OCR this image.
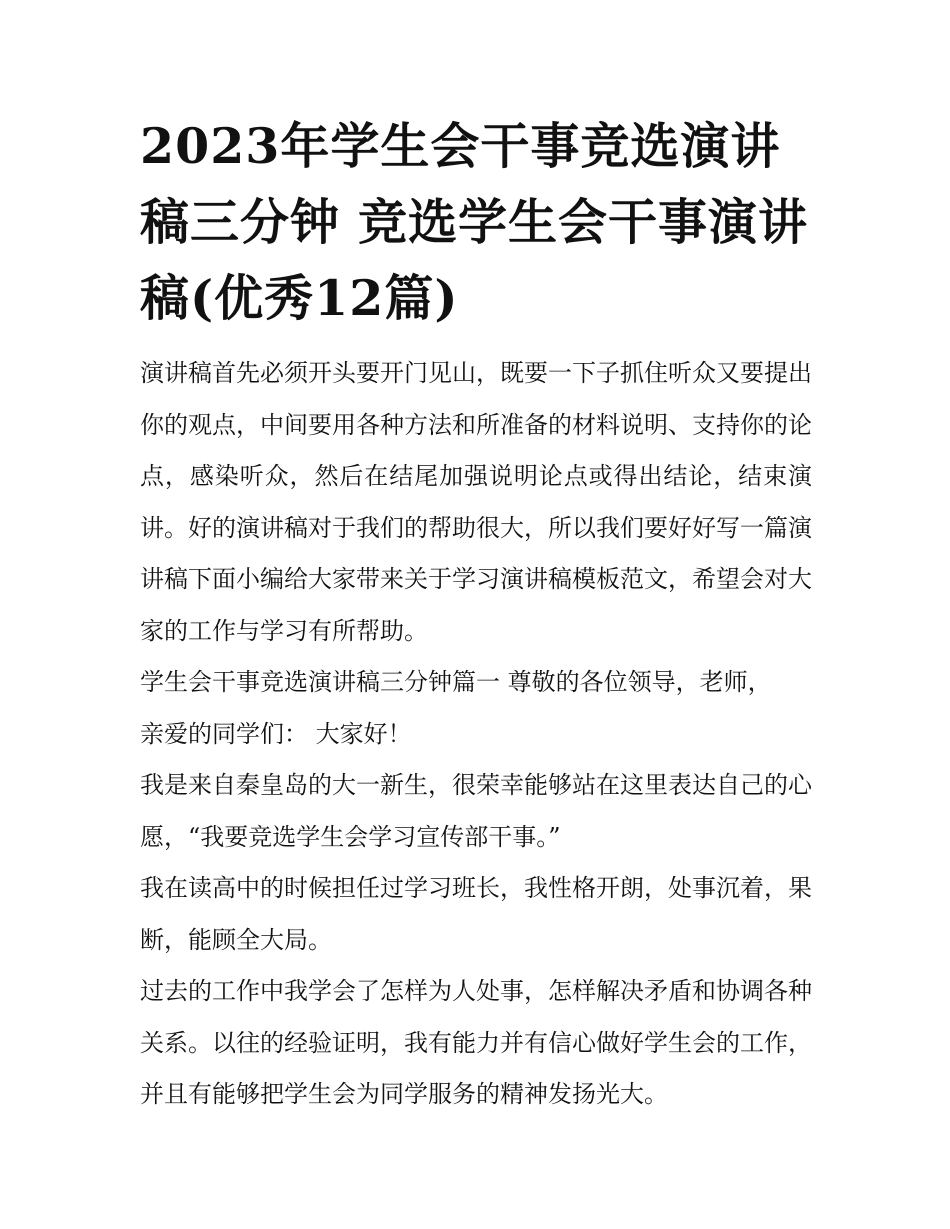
2023年学生会干事竞选演讲稿三分钟 竞选学生会干事演讲稿(优秀12篇)

演讲稿首先必须开头要开门见山，既要一下子抓住听众又要提出你的观点，中间要用各种方法和所准备的材料说明、支持你的论点，感染听众，然后在结尾加强说明论点或得出结论，结束演讲。好的演讲稿对于我们的帮助很大，所以我们要好好写一篇演讲稿下面小编给大家带来关于学习演讲稿模板范文，希望会对大家的工作与学习有所帮助。

学生会干事竞选演讲稿三分钟篇一 尊敬的各位领导，老师，

亲爱的同学们： 大家好！

我是来自秦皇岛的大一新生，很荣幸能够站在这里表达自己的心愿，“我要竞选学生会学习宣传部干事。”

我在读高中的时候担任过学习班长，我性格开朗，处事沉着，果断，能顾全大局。

过去的工作中我学会了怎样为人处事，怎样解决矛盾和协调各种关系。以往的经验证明，我有能力并有信心做好学生会的工作，并且有能够把学生会为同学服务的精神发扬光大。
